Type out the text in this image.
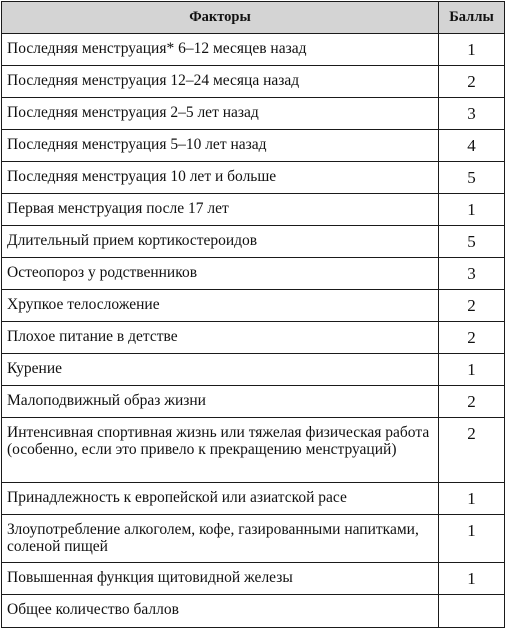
Факторы	Баллы
Последняя менструация* 6–12 месяцев назад	1
Последняя менструация 12–24 месяца назад	2
Последняя менструация 2–5 лет назад	3
Последняя менструация 5–10 лет назад	4
Последняя менструация 10 лет и больше	5
Первая менструация после 17 лет	1
Длительный прием кортикостероидов	5
Остеопороз у родственников	3
Хрупкое телосложение	2
Плохое питание в детстве	2
Курение	1
Малоподвижный образ жизни	2
Интенсивная спортивная жизнь или тяжелая физическая работа (особенно, если это привело к прекращению менструаций)	2
Принадлежность к европейской или азиатской расе	1
Злоупотребление алкоголем, кофе, газированными напитками, соленой пищей	1
Повышенная функция щитовидной железы	1
Общее количество баллов	
